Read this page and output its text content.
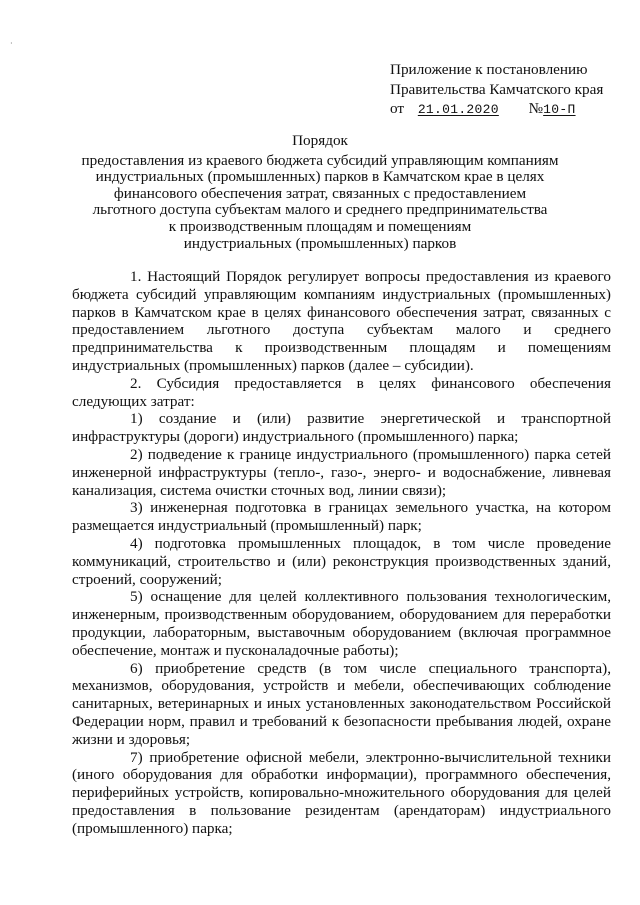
·
Приложение к постановлению
Правительства Камчатского края
от 21.01.2020 №10-П
Порядок
предоставления из краевого бюджета субсидий управляющим компаниям
индустриальных (промышленных) парков в Камчатском крае в целях
финансового обеспечения затрат, связанных с предоставлением
льготного доступа субъектам малого и среднего предпринимательства
к производственным площадям и помещениям
индустриальных (промышленных) парков

1. Настоящий Порядок регулирует вопросы предоставления из краевого бюджета субсидий управляющим компаниям индустриальных (промышленных) парков в Камчатском крае в целях финансового обеспечения затрат, связанных с предоставлением льготного доступа субъектам малого и среднего предпринимательства к производственным площадям и помещениям индустриальных (промышленных) парков (далее – субсидии).

2. Субсидия предоставляется в целях финансового обеспечения следующих затрат:

1) создание и (или) развитие энергетической и транспортной инфраструктуры (дороги) индустриального (промышленного) парка;

2) подведение к границе индустриального (промышленного) парка сетей инженерной инфраструктуры (тепло-, газо-, энерго- и водоснабжение, ливневая канализация, система очистки сточных вод, линии связи);

3) инженерная подготовка в границах земельного участка, на котором размещается индустриальный (промышленный) парк;

4) подготовка промышленных площадок, в том числе проведение коммуникаций, строительство и (или) реконструкция производственных зданий, строений, сооружений;

5) оснащение для целей коллективного пользования технологическим, инженерным, производственным оборудованием, оборудованием для переработки продукции, лабораторным, выставочным оборудованием (включая программное обеспечение, монтаж и пусконаладочные работы);

6) приобретение средств (в том числе специального транспорта), механизмов, оборудования, устройств и мебели, обеспечивающих соблюдение санитарных, ветеринарных и иных установленных законодательством Российской Федерации норм, правил и требований к безопасности пребывания людей, охране жизни и здоровья;

7) приобретение офисной мебели, электронно-вычислительной техники (иного оборудования для обработки информации), программного обеспечения, периферийных устройств, копировально-множительного оборудования для целей предоставления в пользование резидентам (арендаторам) индустриального (промышленного) парка;
